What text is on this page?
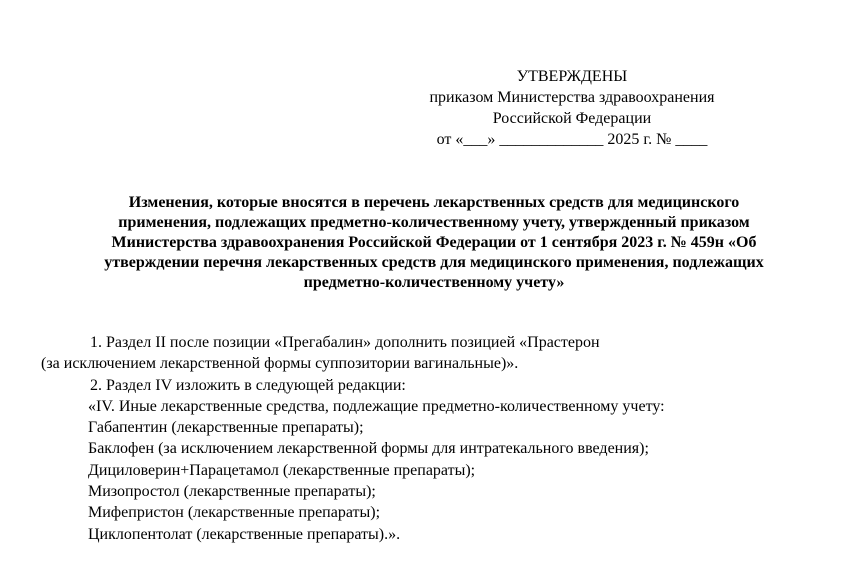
УТВЕРЖДЕНЫ
приказом Министерства здравоохранения
Российской Федерации
от «___» _____________ 2025 г. № ____
Изменения, которые вносятся в перечень лекарственных средств для медицинского
применения, подлежащих предметно-количественному учету, утвержденный приказом
Министерства здравоохранения Российской Федерации от 1 сентября 2023 г. № 459н «Об
утверждении перечня лекарственных средств для медицинского применения, подлежащих
предметно-количественному учету»
1. Раздел II после позиции «Прегабалин» дополнить позицией «Прастерон
(за исключением лекарственной формы суппозитории вагинальные)».
2. Раздел IV изложить в следующей редакции:
«IV. Иные лекарственные средства, подлежащие предметно-количественному учету:
Габапентин (лекарственные препараты);
Баклофен (за исключением лекарственной формы для интратекального введения);
Дициловерин+Парацетамол (лекарственные препараты);
Мизопростол (лекарственные препараты);
Мифепристон (лекарственные препараты);
Циклопентолат (лекарственные препараты).».
